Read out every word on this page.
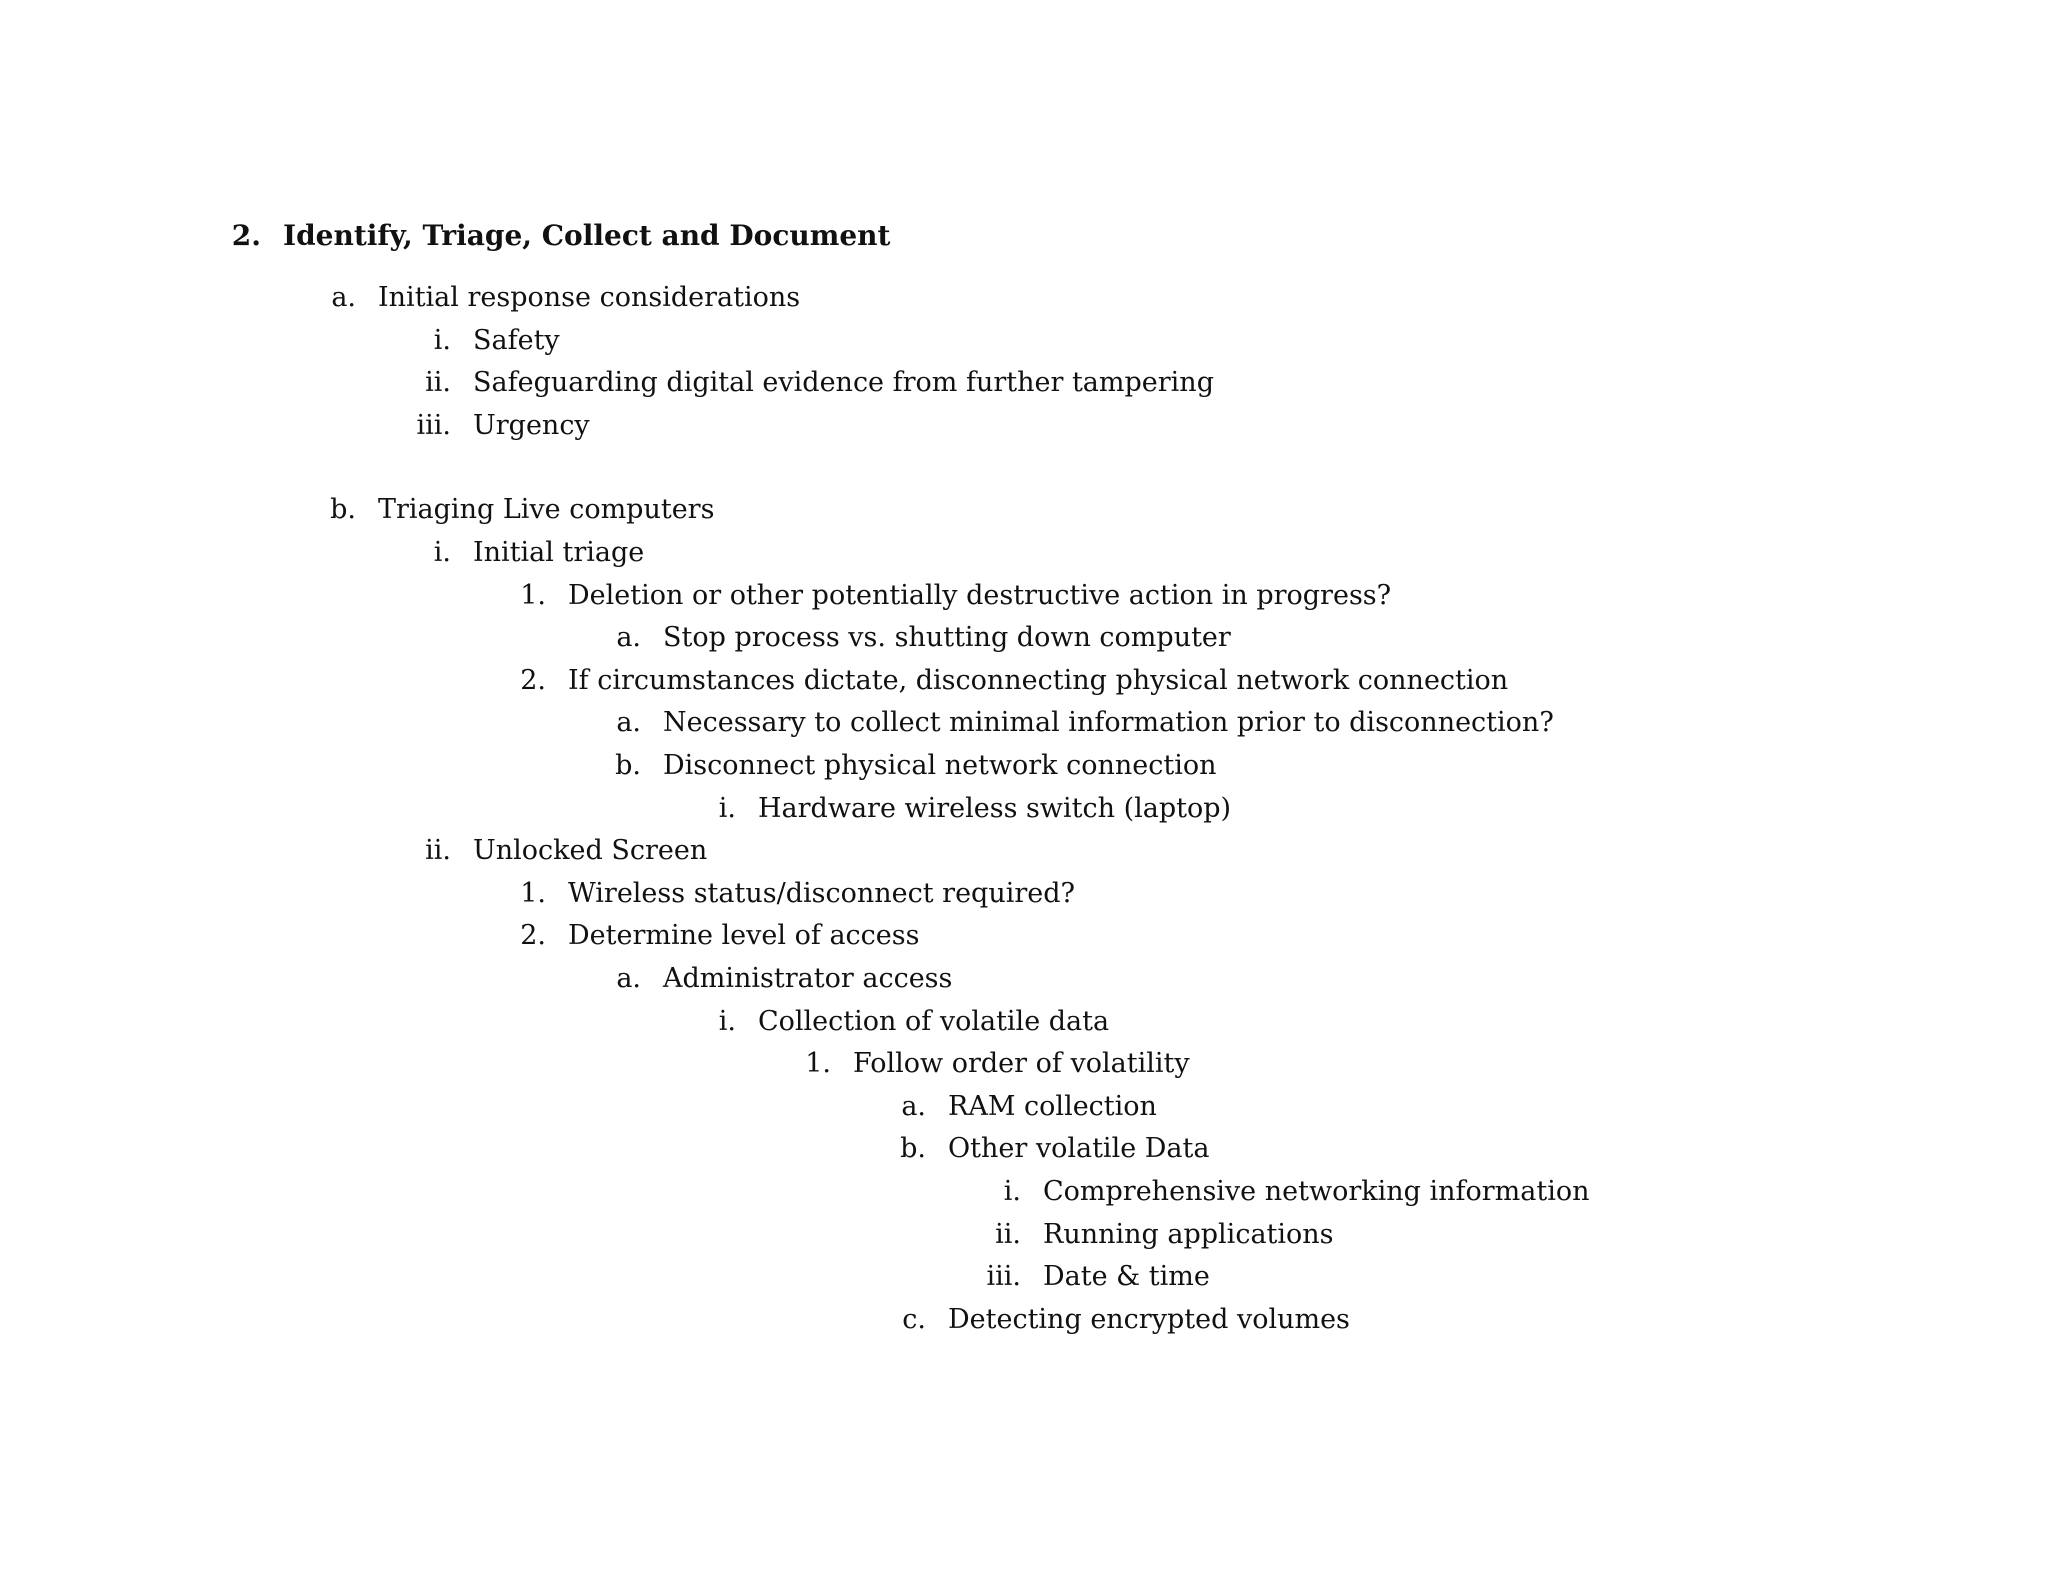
2. Identify, Triage, Collect and Document
a. Initial response considerations
i. Safety
ii. Safeguarding digital evidence from further tampering
iii. Urgency
b. Triaging Live computers
i. Initial triage
1. Deletion or other potentially destructive action in progress?
a. Stop process vs. shutting down computer
2. If circumstances dictate, disconnecting physical network connection
a. Necessary to collect minimal information prior to disconnection?
b. Disconnect physical network connection
i. Hardware wireless switch (laptop)
ii. Unlocked Screen
1. Wireless status/disconnect required?
2. Determine level of access
a. Administrator access
i. Collection of volatile data
1. Follow order of volatility
a. RAM collection
b. Other volatile Data
i. Comprehensive networking information
ii. Running applications
iii. Date & time
c. Detecting encrypted volumes
